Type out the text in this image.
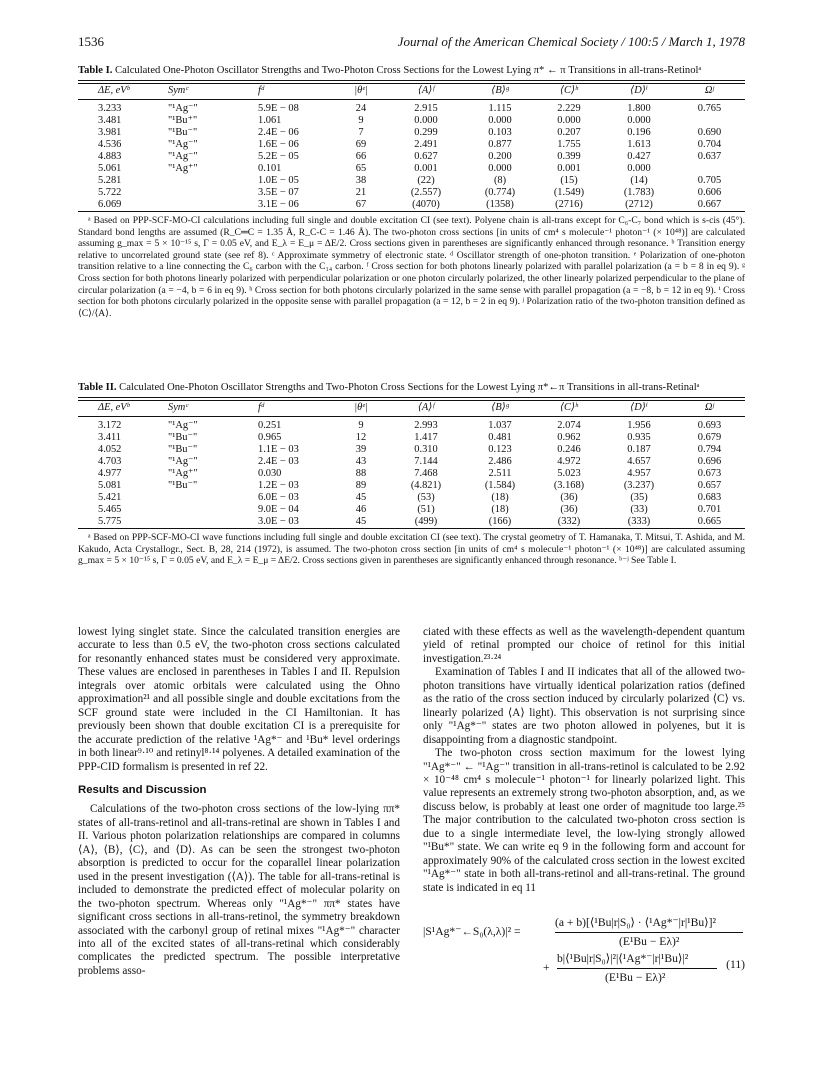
1536	Journal of the American Chemical Society / 100:5 / March 1, 1978
Table I. Calculated One-Photon Oscillator Strengths and Two-Photon Cross Sections for the Lowest Lying π* ← π Transitions in all-trans-Retinolᵃ
ΔE, eVᵇ	Symᶜ	fᵈ	|θᵉ|	⟨A⟩ᶠ	⟨B⟩ᵍ	⟨C⟩ʰ	⟨D⟩ⁱ	Ωʲ
3.233	"¹Ag⁻"	5.9E − 08	24	2.915	1.115	2.229	1.800	0.765
3.481	"¹Bu⁺"	1.061	9	0.000	0.000	0.000	0.000	
3.981	"¹Bu⁻"	2.4E − 06	7	0.299	0.103	0.207	0.196	0.690
4.536	"¹Ag⁻"	1.6E − 06	69	2.491	0.877	1.755	1.613	0.704
4.883	"¹Ag⁻"	5.2E − 05	66	0.627	0.200	0.399	0.427	0.637
5.061	"¹Ag⁺"	0.101	65	0.001	0.000	0.001	0.000	
5.281		1.0E − 05	38	(22)	(8)	(15)	(14)	0.705
5.722		3.5E − 07	21	(2.557)	(0.774)	(1.549)	(1.783)	0.606
6.069		3.1E − 06	67	(4070)	(1358)	(2716)	(2712)	0.667
ᵃ Based on PPP-SCF-MO-CI calculations including full single and double excitation CI (see text). Polyene chain is all-trans except for C₆-C₇ bond which is s-cis (45°). Standard bond lengths are assumed (R_C═C = 1.35 Å, R_C-C = 1.46 Å). The two-photon cross sections [in units of cm⁴ s molecule⁻¹ photon⁻¹ (× 10⁴⁸)] are calculated assuming g_max = 5 × 10⁻¹⁵ s, Γ = 0.05 eV, and E_λ = E_μ = ΔE/2. Cross sections given in parentheses are significantly enhanced through resonance. ᵇ Transition energy relative to uncorrelated ground state (see ref 8). ᶜ Approximate symmetry of electronic state. ᵈ Oscillator strength of one-photon transition. ᵉ Polarization of one-photon transition relative to a line connecting the C₆ carbon with the C₁₄ carbon. ᶠ Cross section for both photons linearly polarized with parallel polarization (a = b = 8 in eq 9). ᵍ Cross section for both photons linearly polarized with perpendicular polarization or one photon circularly polarized, the other linearly polarized perpendicular to the plane of circular polarization (a = −4, b = 6 in eq 9). ʰ Cross section for both photons circularly polarized in the same sense with parallel propagation (a = −8, b = 12 in eq 9). ⁱ Cross section for both photons circularly polarized in the opposite sense with parallel propagation (a = 12, b = 2 in eq 9). ʲ Polarization ratio of the two-photon transition defined as ⟨C⟩/⟨A⟩.
Table II. Calculated One-Photon Oscillator Strengths and Two-Photon Cross Sections for the Lowest Lying π*←π Transitions in all-trans-Retinalᵃ
ΔE, eVᵇ	Symᶜ	fᵈ	|θᵉ|	⟨A⟩ᶠ	⟨B⟩ᵍ	⟨C⟩ʰ	⟨D⟩ⁱ	Ωʲ
3.172	"¹Ag⁻"	0.251	9	2.993	1.037	2.074	1.956	0.693
3.411	"¹Bu⁻"	0.965	12	1.417	0.481	0.962	0.935	0.679
4.052	"¹Bu⁻"	1.1E − 03	39	0.310	0.123	0.246	0.187	0.794
4.703	"¹Ag⁻"	2.4E − 03	43	7.144	2.486	4.972	4.657	0.696
4.977	"¹Ag⁺"	0.030	88	7.468	2.511	5.023	4.957	0.673
5.081	"¹Bu⁻"	1.2E − 03	89	(4.821)	(1.584)	(3.168)	(3.237)	0.657
5.421		6.0E − 03	45	(53)	(18)	(36)	(35)	0.683
5.465		9.0E − 04	46	(51)	(18)	(36)	(33)	0.701
5.775		3.0E − 03	45	(499)	(166)	(332)	(333)	0.665
ᵃ Based on PPP-SCF-MO-CI wave functions including full single and double excitation CI (see text). The crystal geometry of T. Hamanaka, T. Mitsui, T. Ashida, and M. Kakudo, Acta Crystallogr., Sect. B, 28, 214 (1972), is assumed. The two-photon cross section [in units of cm⁴ s molecule⁻¹ photon⁻¹ (× 10⁴⁸)] are calculated assuming g_max = 5 × 10⁻¹⁵ s, Γ = 0.05 eV, and E_λ = E_μ = ΔE/2. Cross sections given in parentheses are significantly enhanced through resonance. ᵇ⁻ʲ See Table I.

lowest lying singlet state. Since the calculated transition energies are accurate to less than 0.5 eV, the two-photon cross sections calculated for resonantly enhanced states must be considered very approximate. These values are enclosed in parentheses in Tables I and II. Repulsion integrals over atomic orbitals were calculated using the Ohno approximation²¹ and all possible single and double excitations from the SCF ground state were included in the CI Hamiltonian. It has previously been shown that double excitation CI is a prerequisite for the accurate prediction of the relative ¹Ag*⁻ and ¹Bu* level orderings in both linear⁹·¹⁰ and retinyl⁸·¹⁴ polyenes. A detailed examination of the PPP-CID formalism is presented in ref 22.

Results and Discussion

Calculations of the two-photon cross sections of the low-lying ππ* states of all-trans-retinol and all-trans-retinal are shown in Tables I and II. Various photon polarization relationships are compared in columns ⟨A⟩, ⟨B⟩, ⟨C⟩, and ⟨D⟩. As can be seen the strongest two-photon absorption is predicted to occur for the coparallel linear polarization used in the present investigation (⟨A⟩). The table for all-trans-retinal is included to demonstrate the predicted effect of molecular polarity on the two-photon spectrum. Whereas only "¹Ag*⁻" ππ* states have significant cross sections in all-trans-retinol, the symmetry breakdown associated with the carbonyl group of retinal mixes "¹Ag*⁻" character into all of the excited states of all-trans-retinal which considerably complicates the predicted spectrum. The possible interpretative problems asso-

ciated with these effects as well as the wavelength-dependent quantum yield of retinal prompted our choice of retinol for this initial investigation.²³·²⁴

Examination of Tables I and II indicates that all of the allowed two-photon transitions have virtually identical polarization ratios (defined as the ratio of the cross section induced by circularly polarized ⟨C⟩ vs. linearly polarized ⟨A⟩ light). This observation is not surprising since only "¹Ag*⁻" states are two photon allowed in polyenes, but it is disappointing from a diagnostic standpoint.

The two-photon cross section maximum for the lowest lying "¹Ag*⁻" ← "¹Ag⁻" transition in all-trans-retinol is calculated to be 2.92 × 10⁻⁴⁸ cm⁴ s molecule⁻¹ photon⁻¹ for linearly polarized light. This value represents an extremely strong two-photon absorption, and, as we discuss below, is probably at least one order of magnitude too large.²⁵ The major contribution to the calculated two-photon cross section is due to a single intermediate level, the low-lying strongly allowed "¹Bu*" state. We can write eq 9 in the following form and account for approximately 90% of the calculated cross section in the lowest excited "¹Ag*⁻" state in both all-trans-retinol and all-trans-retinal. The ground state is indicated in eq 11

|S¹Ag*⁻←S₀(λ,λ)|² =
(a + b)[⟨¹Bu|r|S₀⟩ · ⟨¹Ag*⁻|r|¹Bu⟩]²
(E¹Bu − Eλ)²
+
b|⟨¹Bu|r|S₀⟩|²|⟨¹Ag*⁻|r|¹Bu⟩|²
(E¹Bu − Eλ)²
(11)
